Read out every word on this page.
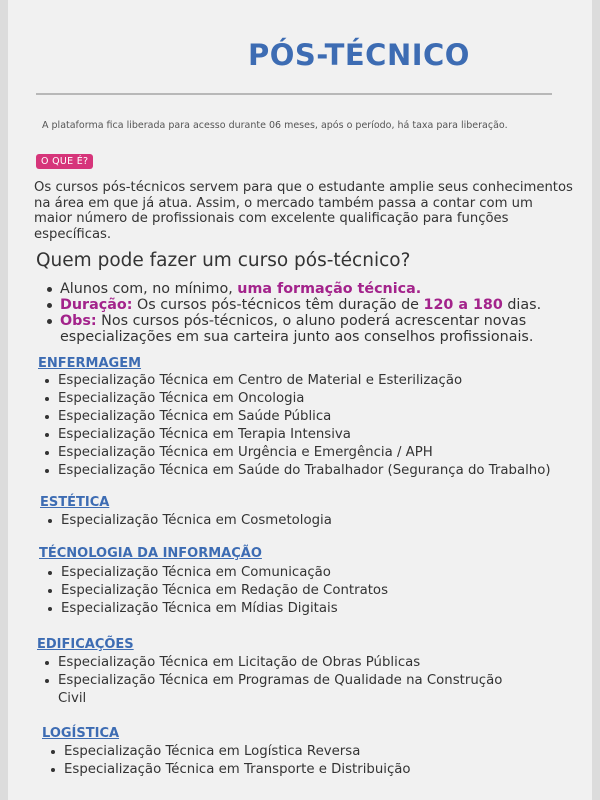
PÓS-TÉCNICO
A plataforma fica liberada para acesso durante 06 meses, após o período, há taxa para liberação.
O QUE É?
Os cursos pós-técnicos servem para que o estudante amplie seus conhecimentos na área em que já atua. Assim, o mercado também passa a contar com um maior número de profissionais com excelente qualificação para funções específicas.
Quem pode fazer um curso pós-técnico?
Alunos com, no mínimo, uma formação técnica.
Duração: Os cursos pós-técnicos têm duração de 120 a 180 dias.
Obs: Nos cursos pós-técnicos, o aluno poderá acrescentar novas especializações em sua carteira junto aos conselhos profissionais.
ENFERMAGEM
Especialização Técnica em Centro de Material e Esterilização
Especialização Técnica em Oncologia
Especialização Técnica em Saúde Pública
Especialização Técnica em Terapia Intensiva
Especialização Técnica em Urgência e Emergência / APH
Especialização Técnica em Saúde do Trabalhador (Segurança do Trabalho)
ESTÉTICA
Especialização Técnica em Cosmetologia
TÉCNOLOGIA DA INFORMAÇÃO
Especialização Técnica em Comunicação
Especialização Técnica em Redação de Contratos
Especialização Técnica em Mídias Digitais
EDIFICAÇÕES
Especialização Técnica em Licitação de Obras Públicas
Especialização Técnica em Programas de Qualidade na Construção Civil
LOGÍSTICA
Especialização Técnica em Logística Reversa
Especialização Técnica em Transporte e Distribuição
